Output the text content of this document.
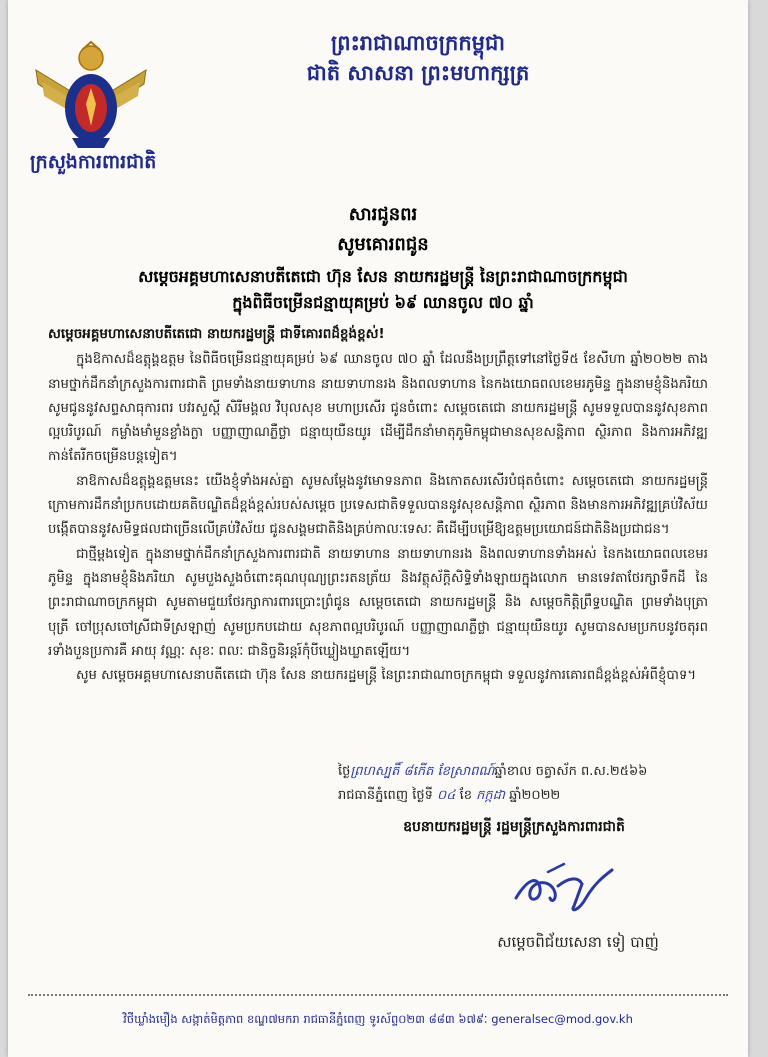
ក្រសួងការពារជាតិ
ព្រះរាជាណាចក្រកម្ពុជា
ជាតិ សាសនា ព្រះមហាក្សត្រ
សារជូនពរ
សូមគោរពជូន
សម្តេចអគ្គមហាសេនាបតីតេជោ ហ៊ុន សែន នាយករដ្ឋមន្ត្រី នៃព្រះរាជាណាចក្រកម្ពុជា
ក្នុងពិធីចម្រើនជន្មាយុគម្រប់ ៦៩ ឈានចូល ៧០ ឆ្នាំ

សម្តេចអគ្គមហាសេនាបតីតេជោ នាយករដ្ឋមន្ត្រី ជាទីគោរពដ៏ខ្ពង់ខ្ពស់!

ក្នុងឱកាសដ៏ឧត្តុង្គឧត្តម នៃពិធីចម្រើនជន្មាយុគម្រប់ ៦៩ ឈានចូល ៧០ ឆ្នាំ ដែលនឹងប្រព្រឹត្តទៅនៅថ្ងៃទី៥ ខែសីហា ឆ្នាំ២០២២ តាងនាមថ្នាក់ដឹកនាំក្រសួងការពារជាតិ ព្រមទាំងនាយទាហាន នាយទាហានរង និងពលទាហាន នៃកងយោធពលខេមរភូមិន្ទ ក្នុងនាមខ្ញុំនិងភរិយា សូមជូននូវសព្ទសាធុការពរ បវរសួស្តី សិរីមង្គល វិបុលសុខ មហាប្រសើរ ជូនចំពោះ សម្តេចតេជោ នាយករដ្ឋមន្ត្រី សូមទទួលបាននូវសុខភាពល្អបរិបូរណ៍ កម្លាំងមាំមួនខ្លាំងក្លា បញ្ញាញាណភ្លឺថ្លា ជន្មាយុយឺនយូរ ដើម្បីដឹកនាំមាតុភូមិកម្ពុជាមានសុខសន្តិភាព ស្ថិរភាព និងការអភិវឌ្ឍ កាន់តែរីកចម្រើនបន្តទៀត។

នាឱកាសដ៏ឧត្តុង្គឧត្តមនេះ យើងខ្ញុំទាំងអស់គ្នា សូមសម្តែងនូវមោទនភាព និងកោតសរសើរបំផុតចំពោះ សម្តេចតេជោ នាយករដ្ឋមន្ត្រី ក្រោមការដឹកនាំប្រកបដោយគតិបណ្ឌិតដ៏ខ្ពង់ខ្ពស់របស់សម្តេច ប្រទេសជាតិទទួលបាននូវសុខសន្តិភាព ស្ថិរភាព និងមានការអភិវឌ្ឍគ្រប់វិស័យ បង្កើតបាននូវសមិទ្ធផលជាច្រើនលើគ្រប់វិស័យ ជូនសង្គមជាតិនិងគ្រប់កាលៈទេសៈ គឺដើម្បីបម្រើឱ្យឧត្តមប្រយោជន៍ជាតិនិងប្រជាជន។

ជាថ្មីម្តងទៀត ក្នុងនាមថ្នាក់ដឹកនាំក្រសួងការពារជាតិ នាយទាហាន នាយទាហានរង និងពលទាហានទាំងអស់ នៃកងយោធពលខេមរភូមិន្ទ ក្នុងនាមខ្ញុំនិងភរិយា សូមបួងសួងចំពោះគុណបុណ្យព្រះរតនត្រ័យ និងវត្ថុស័ក្តិសិទ្ធិទាំងឡាយក្នុងលោក មានទេវតាថែរក្សាទឹកដី នៃព្រះរាជាណាចក្រកម្ពុជា សូមតាមជួយថែរក្សាការពារប្រោះព្រំជូន សម្តេចតេជោ នាយករដ្ឋមន្ត្រី និង សម្តេចកិត្តិព្រឹទ្ធបណ្ឌិត ព្រមទាំងបុត្រា បុត្រី ចៅប្រុសចៅស្រីជាទីស្រឡាញ់ សូមប្រកបដោយ សុខភាពល្អបរិបូរណ៍ បញ្ញាញាណភ្លឺថ្លា ជន្មាយុយឺនយូរ សូមបានសមប្រកបនូវចតុរពរទាំងបួនប្រការគឺ អាយុ វណ្ណៈ សុខៈ ពលៈ ជានិច្ចនិរន្តរ៍កុំបីឃ្លៀងឃ្លាតឡើយ។

សូម សម្តេចអគ្គមហាសេនាបតីតេជោ ហ៊ុន សែន នាយករដ្ឋមន្ត្រី នៃព្រះរាជាណាចក្រកម្ពុជា ទទួលនូវការគោរពដ៏ខ្ពង់ខ្ពស់អំពីខ្ញុំបាទ។

ថ្ងៃព្រហស្បតិ៍ ៨កើត ខែស្រាពណ៍ឆ្នាំខាល ចត្វាស័ក ព.ស.២៥៦៦
រាជធានីភ្នំពេញ ថ្ងៃទី ០៤ ខែ កក្កដា ឆ្នាំ២០២២
ឧបនាយករដ្ឋមន្ត្រី រដ្ឋមន្ត្រីក្រសួងការពារជាតិ
សម្តេចពិជ័យសេនា ទៀ បាញ់
វិថីឃ្លាំងមឿង សង្កាត់មិត្តភាព ខណ្ឌ៧មករា រាជធានីភ្នំពេញ ទូរស័ព្ទ០២៣ ៨៨៣ ៦៧៩ៈ generalsec@mod.gov.kh
